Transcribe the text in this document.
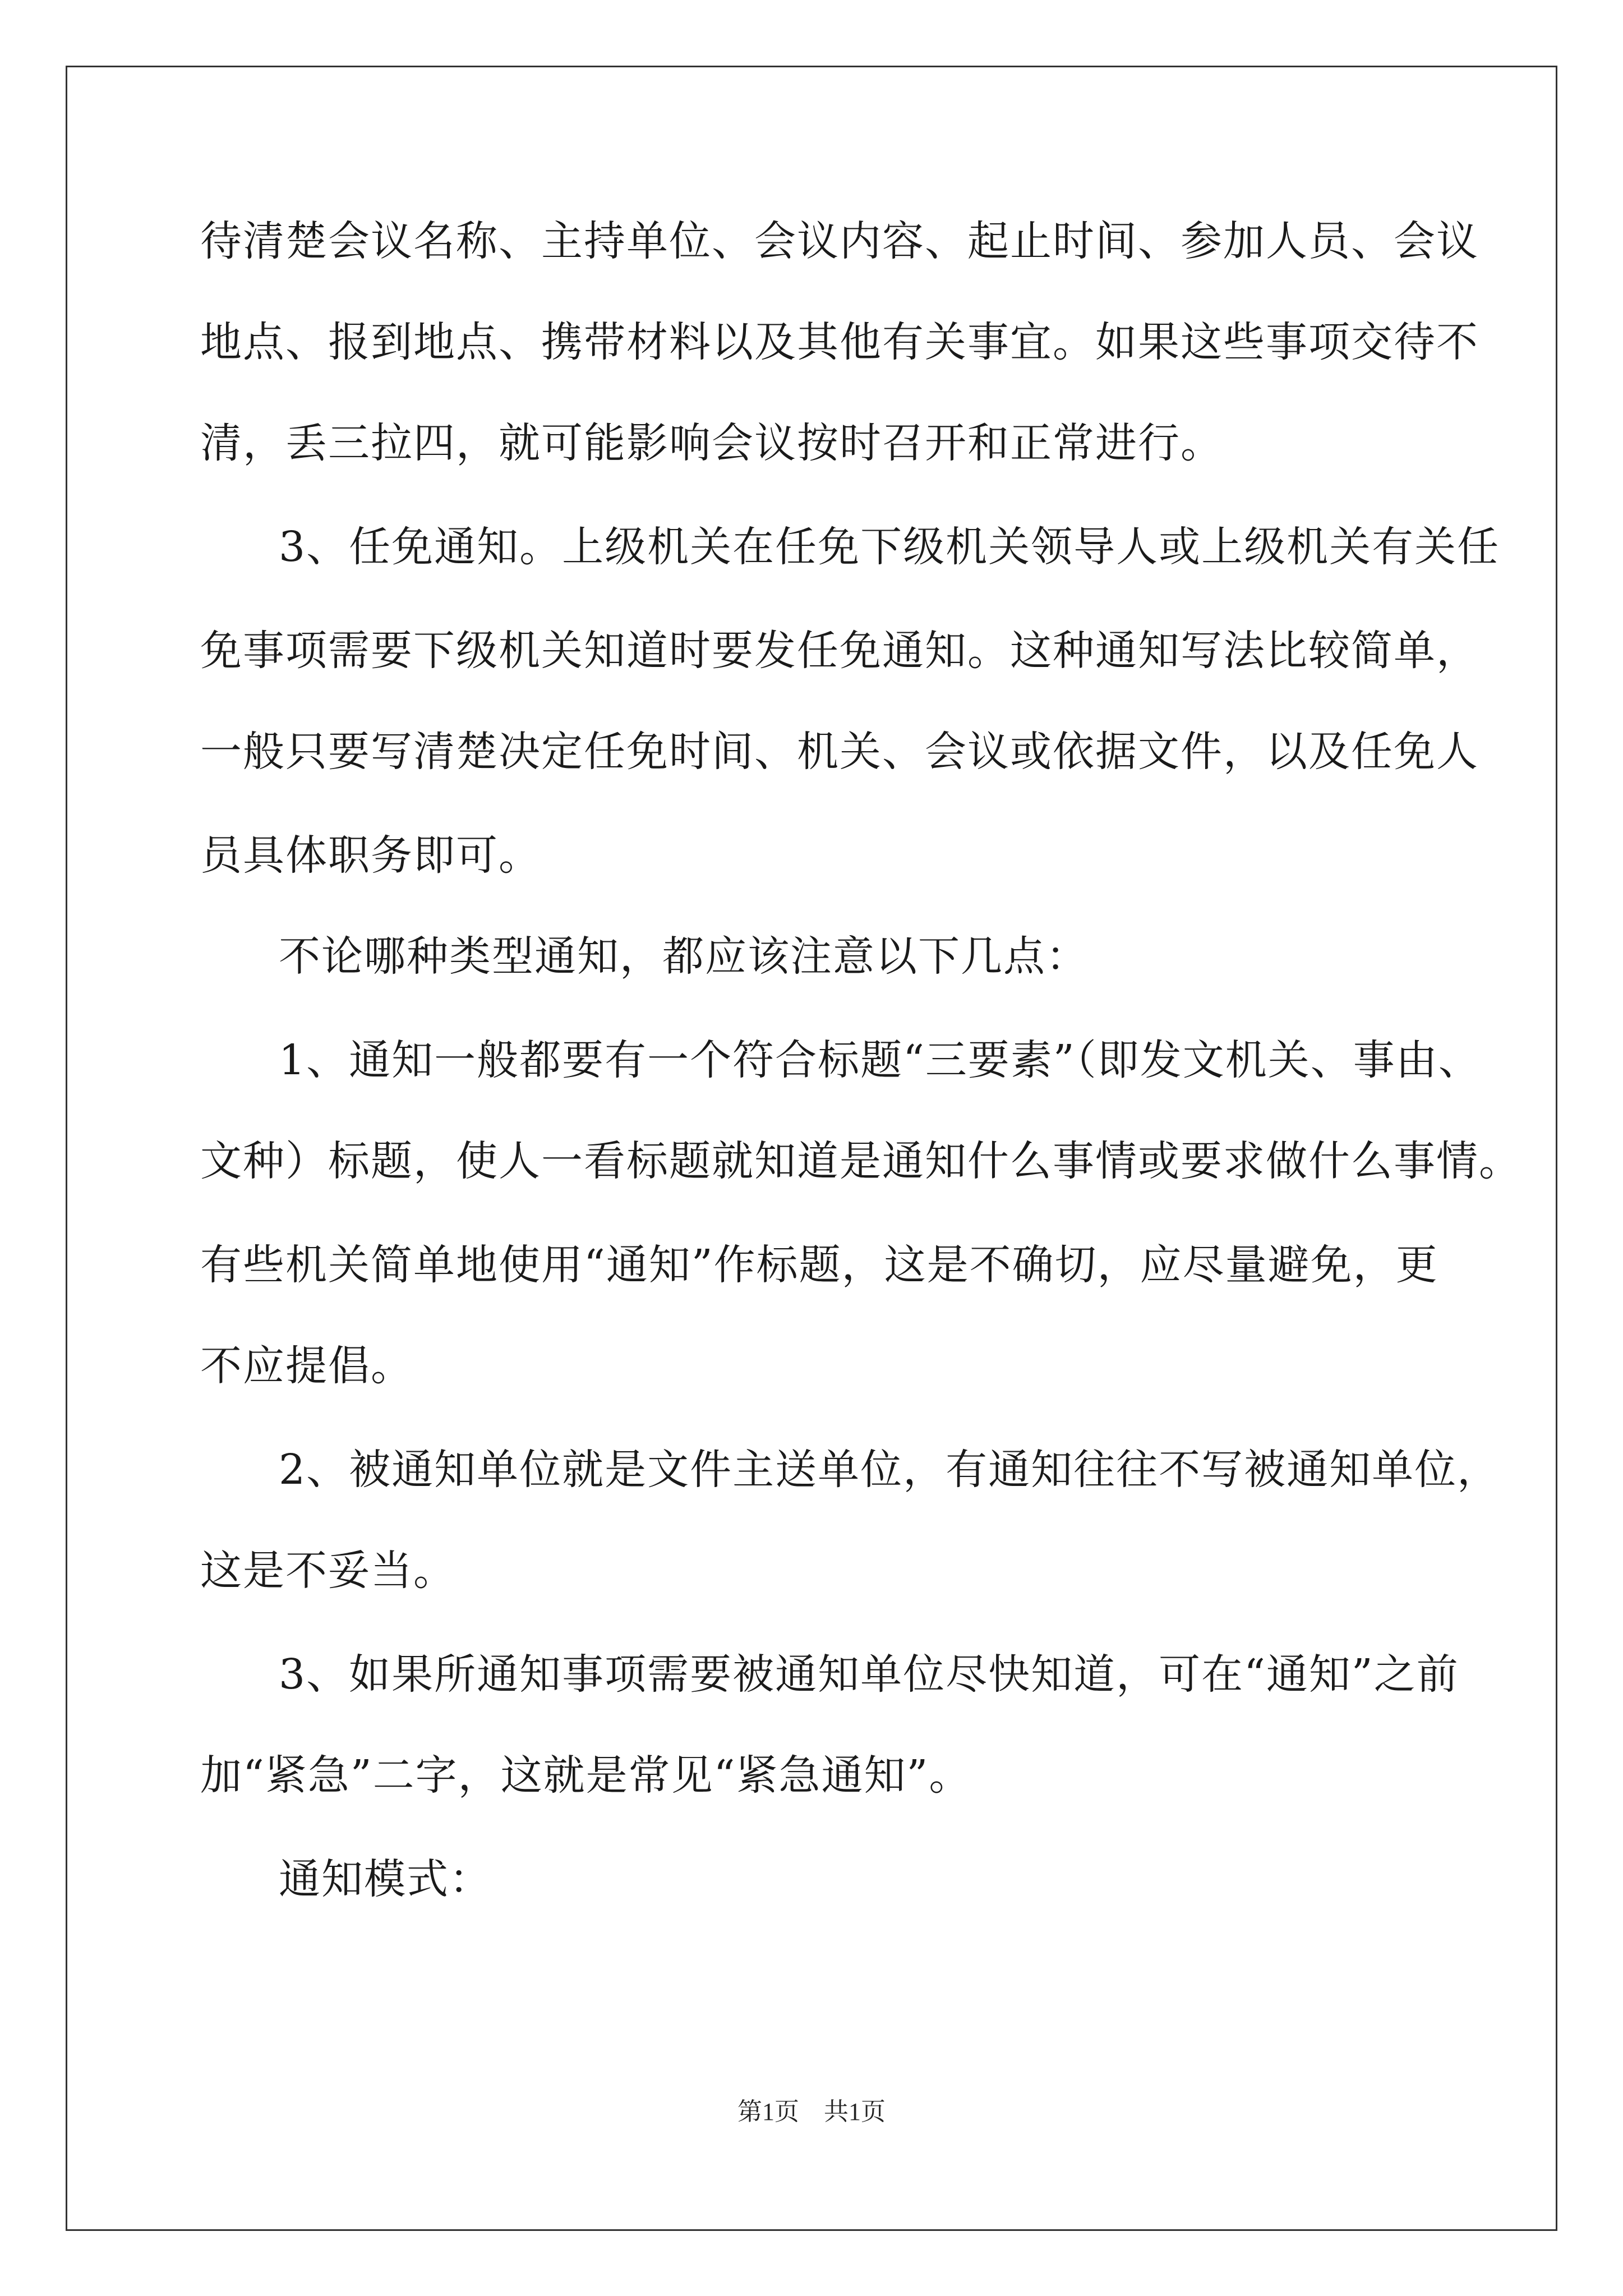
待清楚会议名称、主持单位、会议内容、起止时间、参加人员、会议
地点、报到地点、携带材料以及其他有关事宜。如果这些事项交待不
清，丢三拉四，就可能影响会议按时召开和正常进行。
3、任免通知。上级机关在任免下级机关领导人或上级机关有关任
免事项需要下级机关知道时要发任免通知。这种通知写法比较简单，
一般只要写清楚决定任免时间、机关、会议或依据文件，以及任免人
员具体职务即可。
不论哪种类型通知，都应该注意以下几点：
1、通知一般都要有一个符合标题“三要素”（即发文机关、事由、
文种）标题，使人一看标题就知道是通知什么事情或要求做什么事情。
有些机关简单地使用“通知”作标题，这是不确切，应尽量避免，更
不应提倡。
2、被通知单位就是文件主送单位，有通知往往不写被通知单位，
这是不妥当。
3、如果所通知事项需要被通知单位尽快知道，可在“通知”之前
加“紧急”二字，这就是常见“紧急通知”。
通知模式：
第1页 共1页
